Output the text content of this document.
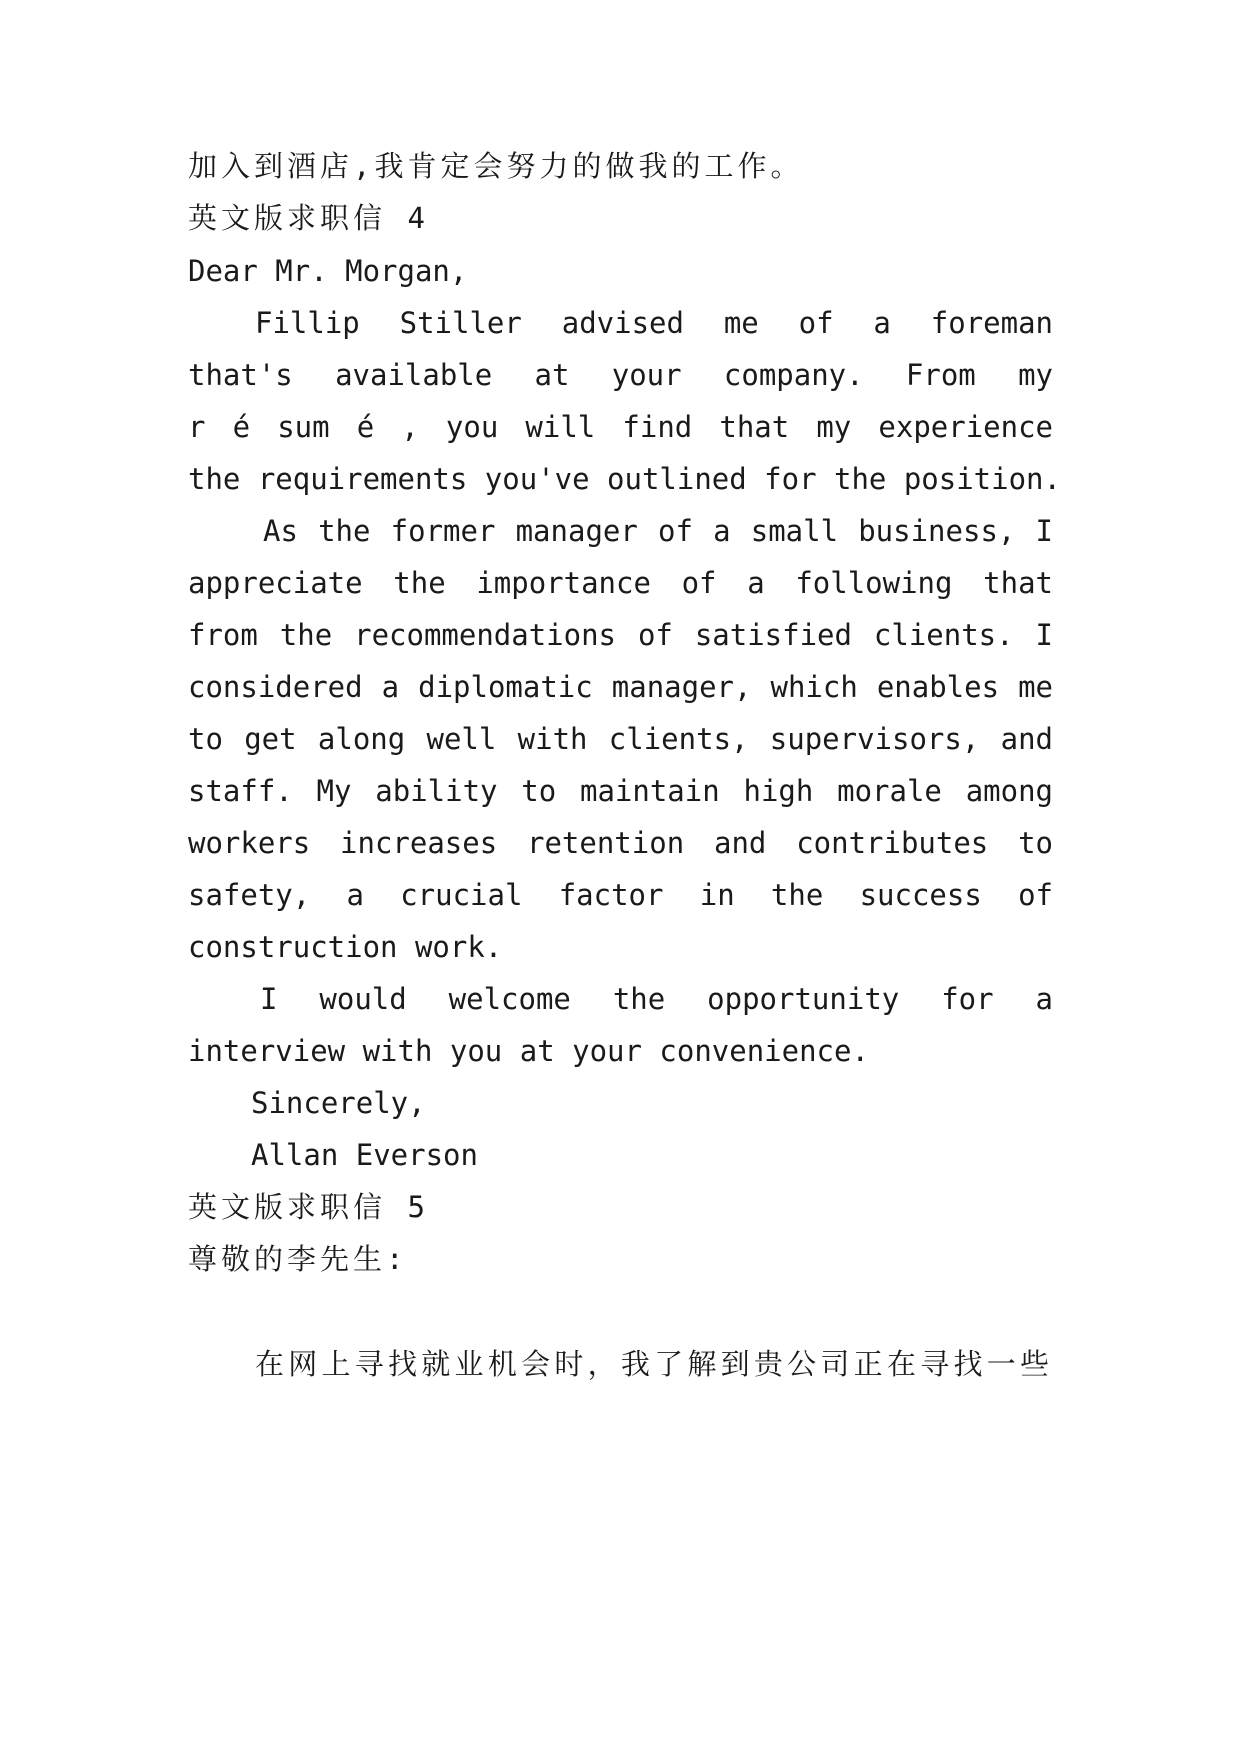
加入到酒店,我肯定会努力的做我的工作。
英文版求职信 4
Dear Mr. Morgan,
Fillip Stiller advised me of a foreman
that's available at your company. From my
r é sum é , you will find that my experience
the requirements you've outlined for the position.
As the former manager of a small business, I
appreciate the importance of a following that
from the recommendations of satisfied clients. I
considered a diplomatic manager, which enables me
to get along well with clients, supervisors, and
staff. My ability to maintain high morale among
workers increases retention and contributes to
safety, a crucial factor in the success of
construction work.
I would welcome the opportunity for a
interview with you at your convenience.
Sincerely,
Allan Everson
英文版求职信 5
尊敬的李先生:
在网上寻找就业机会时，我了解到贵公司正在寻找一些
